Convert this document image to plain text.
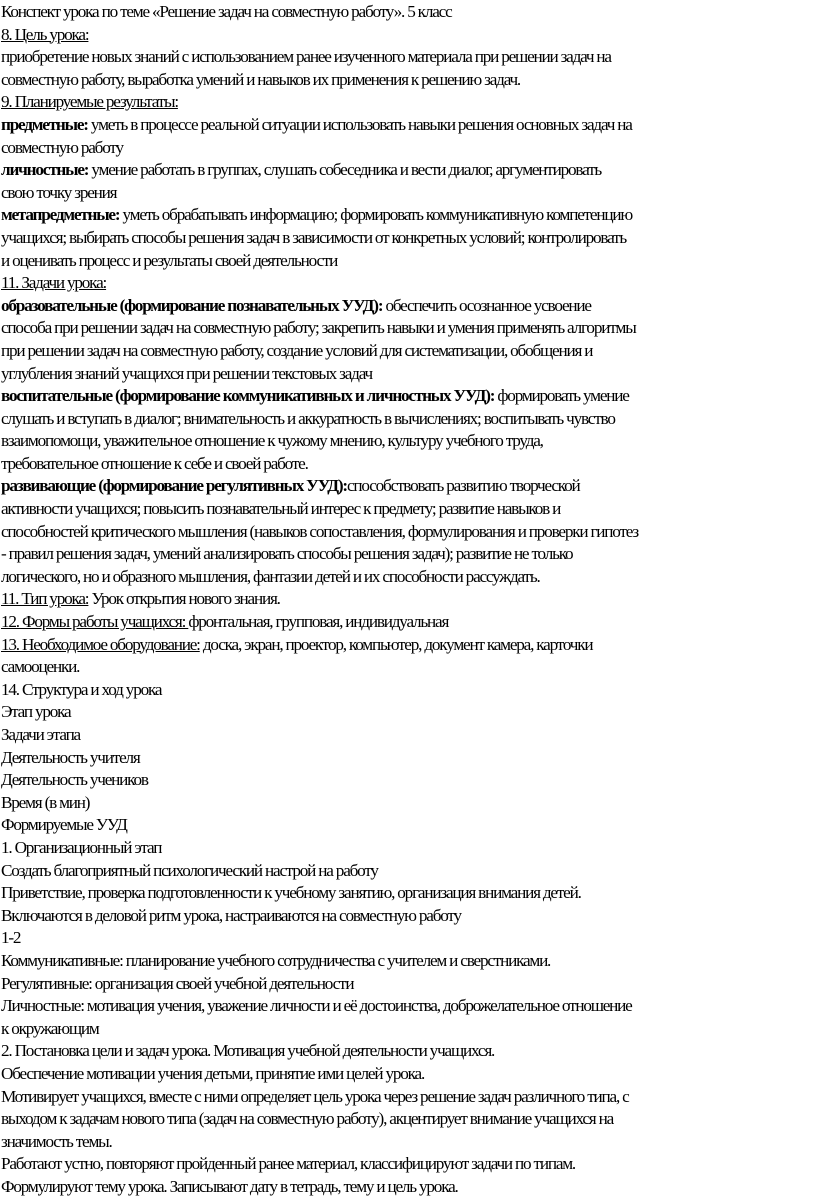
Конспект урока по теме «Решение задач на совместную работу». 5 класс
8. Цель урока:
приобретение новых знаний с использованием ранее изученного материала при решении задач на
совместную работу, выработка умений и навыков их применения к решению задач.
9. Планируемые результаты:
предметные: уметь в процессе реальной ситуации использовать навыки решения основных задач на
совместную работу
личностные: умение работать в группах, слушать собеседника и вести диалог, аргументировать
свою точку зрения
метапредметные: уметь обрабатывать информацию; формировать коммуникативную компетенцию
учащихся; выбирать способы решения задач в зависимости от конкретных условий; контролировать
и оценивать процесс и результаты своей деятельности
11. Задачи урока:
образовательные (формирование познавательных УУД): обеспечить осознанное усвоение
способа при решении задач на совместную работу; закрепить навыки и умения применять алгоритмы
при решении задач на совместную работу, создание условий для систематизации, обобщения и
углубления знаний учащихся при решении текстовых задач
воспитательные (формирование коммуникативных и личностных УУД): формировать умение
слушать и вступать в диалог; внимательность и аккуратность в вычислениях; воспитывать чувство
взаимопомощи, уважительное отношение к чужому мнению, культуру учебного труда,
требовательное отношение к себе и своей работе.
развивающие (формирование регулятивных УУД):способствовать развитию творческой
активности учащихся; повысить познавательный интерес к предмету; развитие навыков и
способностей критического мышления (навыков сопоставления, формулирования и проверки гипотез
- правил решения задач, умений анализировать способы решения задач); развитие не только
логического, но и образного мышления, фантазии детей и их способности рассуждать.
11. Тип урока: Урок открытия нового знания.
12. Формы работы учащихся: фронтальная, групповая, индивидуальная
13. Необходимое оборудование: доска, экран, проектор, компьютер, документ камера, карточки
самооценки.
14. Структура и ход урока
Этап урока
Задачи этапа
Деятельность учителя
Деятельность учеников
Время (в мин)
Формируемые УУД
1. Организационный этап
Создать благоприятный психологический настрой на работу
Приветствие, проверка подготовленности к учебному занятию, организация внимания детей.
Включаются в деловой ритм урока, настраиваются на совместную работу
1-2
Коммуникативные: планирование учебного сотрудничества с учителем и сверстниками.
Регулятивные: организация своей учебной деятельности
Личностные: мотивация учения, уважение личности и её достоинства, доброжелательное отношение
к окружающим
2. Постановка цели и задач урока. Мотивация учебной деятельности учащихся.
Обеспечение мотивации учения детьми, принятие ими целей урока.
Мотивирует учащихся, вместе с ними определяет цель урока через решение задач различного типа, с
выходом к задачам нового типа (задач на совместную работу), акцентирует внимание учащихся на
значимость темы.
Работают устно, повторяют пройденный ранее материал, классифицируют задачи по типам.
Формулируют тему урока. Записывают дату в тетрадь, тему и цель урока.
